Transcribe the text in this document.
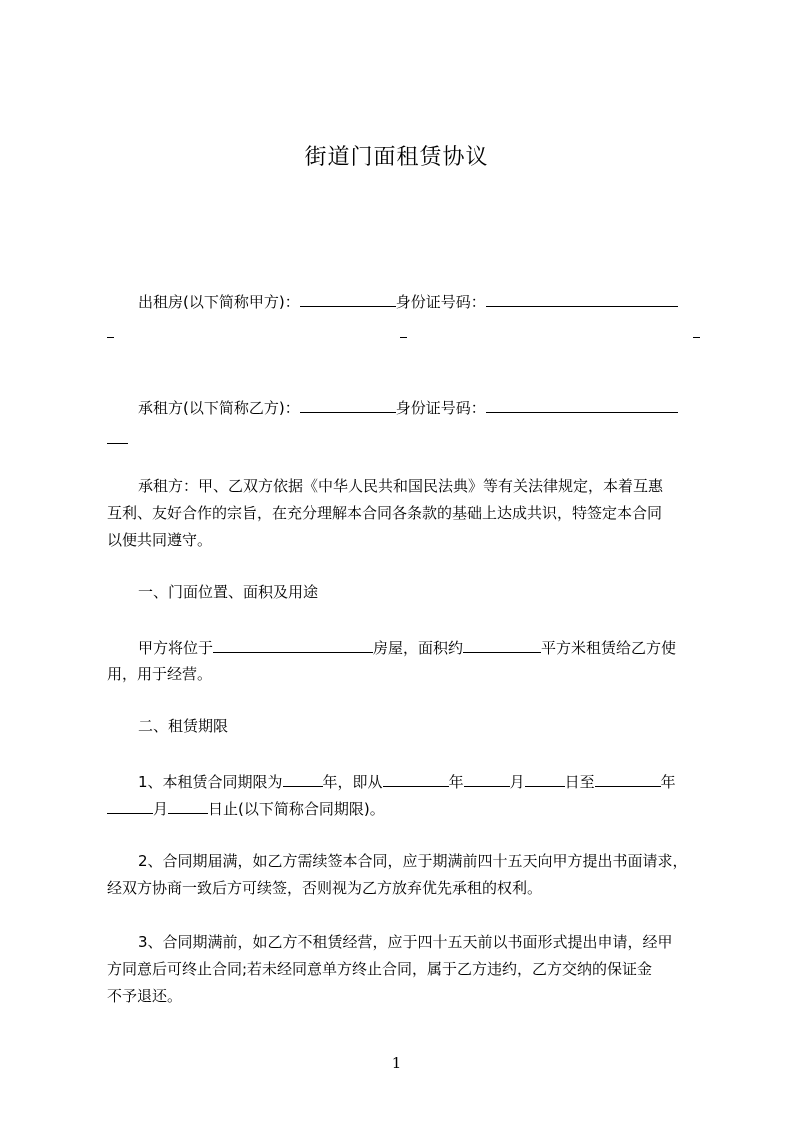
街道门面租赁协议
出租房(以下简称甲方)：	身份证号码：
承租方(以下简称乙方)：	身份证号码：
承租方：甲、乙双方依据《中华人民共和国民法典》等有关法律规定，本着互惠
互利、友好合作的宗旨，在充分理解本合同各条款的基础上达成共识，特签定本合同
以便共同遵守。
一、门面位置、面积及用途
甲方将位于	房屋，面积约	平方米租赁给乙方使
用，用于经营。
二、租赁期限
1、本租赁合同期限为	年，即从	年	月	日至	年
月	日止(以下简称合同期限)。
2、合同期届满，如乙方需续签本合同，应于期满前四十五天向甲方提出书面请求，
经双方协商一致后方可续签，否则视为乙方放弃优先承租的权利。
3、合同期满前，如乙方不租赁经营，应于四十五天前以书面形式提出申请，经甲
方同意后可终止合同;若未经同意单方终止合同，属于乙方违约，乙方交纳的保证金
不予退还。
1
